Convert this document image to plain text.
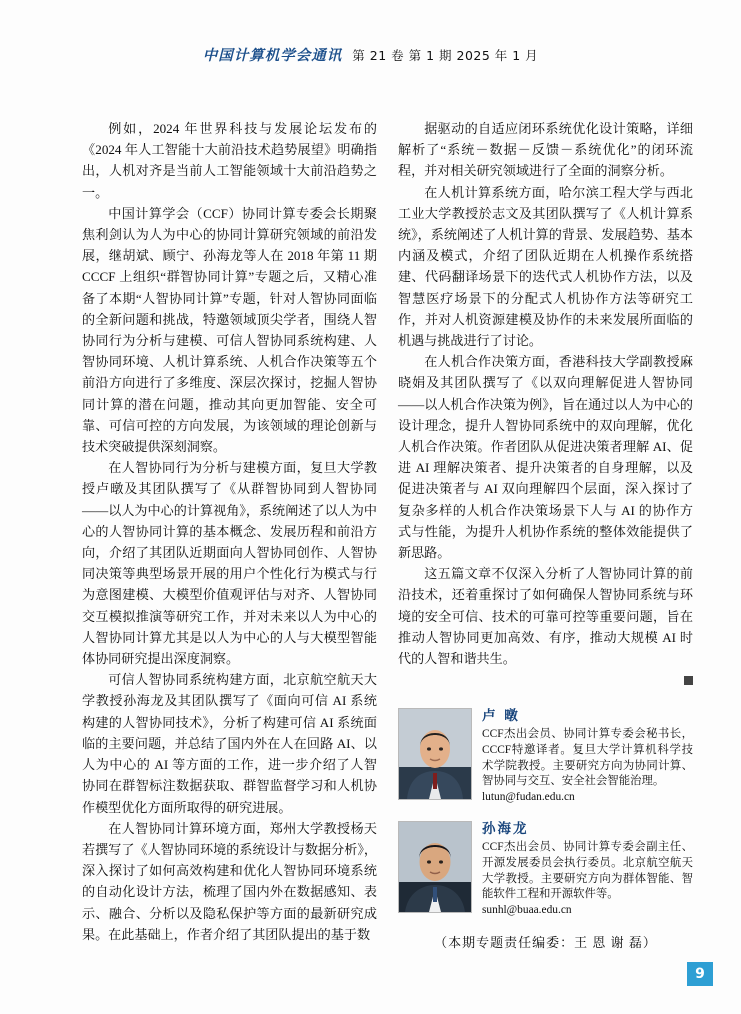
中国计算机学会通讯 第 21 卷 第 1 期 2025 年 1 月

例如，2024 年世界科技与发展论坛发布的《2024 年人工智能十大前沿技术趋势展望》明确指出，人机对齐是当前人工智能领域十大前沿趋势之一。

中国计算学会（CCF）协同计算专委会长期聚焦利剑认为人为中心的协同计算研究领域的前沿发展，继胡斌、顾宁、孙海龙等人在 2018 年第 11 期 CCCF 上组织“群智协同计算”专题之后，又精心准备了本期“人智协同计算”专题，针对人智协同面临的全新问题和挑战，特邀领域顶尖学者，围绕人智协同行为分析与建模、可信人智协同系统构建、人智协同环境、人机计算系统、人机合作决策等五个前沿方向进行了多维度、深层次探讨，挖掘人智协同计算的潜在问题，推动其向更加智能、安全可靠、可信可控的方向发展，为该领域的理论创新与技术突破提供深刻洞察。

在人智协同行为分析与建模方面，复旦大学教授卢暾及其团队撰写了《从群智协同到人智协同——以人为中心的计算视角》，系统阐述了以人为中心的人智协同计算的基本概念、发展历程和前沿方向，介绍了其团队近期面向人智协同创作、人智协同决策等典型场景开展的用户个性化行为模式与行为意图建模、大模型价值观评估与对齐、人智协同交互模拟推演等研究工作，并对未来以人为中心的人智协同计算尤其是以人为中心的人与大模型智能体协同研究提出深度洞察。

可信人智协同系统构建方面，北京航空航天大学教授孙海龙及其团队撰写了《面向可信 AI 系统构建的人智协同技术》，分析了构建可信 AI 系统面临的主要问题，并总结了国内外在人在回路 AI、以人为中心的 AI 等方面的工作，进一步介绍了人智协同在群智标注数据获取、群智监督学习和人机协作模型优化方面所取得的研究进展。

在人智协同计算环境方面，郑州大学教授杨天若撰写了《人智协同环境的系统设计与数据分析》，深入探讨了如何高效构建和优化人智协同环境系统的自动化设计方法，梳理了国内外在数据感知、表示、融合、分析以及隐私保护等方面的最新研究成果。在此基础上，作者介绍了其团队提出的基于数

据驱动的自适应闭环系统优化设计策略，详细解析了“系统－数据－反馈－系统优化”的闭环流程，并对相关研究领域进行了全面的洞察分析。

在人机计算系统方面，哈尔滨工程大学与西北工业大学教授於志文及其团队撰写了《人机计算系统》，系统阐述了人机计算的背景、发展趋势、基本内涵及模式，介绍了团队近期在人机操作系统搭建、代码翻译场景下的迭代式人机协作方法，以及智慧医疗场景下的分配式人机协作方法等研究工作，并对人机资源建模及协作的未来发展所面临的机遇与挑战进行了讨论。

在人机合作决策方面，香港科技大学副教授麻晓娟及其团队撰写了《以双向理解促进人智协同——以人机合作决策为例》，旨在通过以人为中心的设计理念，提升人智协同系统中的双向理解，优化人机合作决策。作者团队从促进决策者理解 AI、促进 AI 理解决策者、提升决策者的自身理解，以及促进决策者与 AI 双向理解四个层面，深入探讨了复杂多样的人机合作决策场景下人与 AI 的协作方式与性能，为提升人机协作系统的整体效能提供了新思路。

这五篇文章不仅深入分析了人智协同计算的前沿技术，还着重探讨了如何确保人智协同系统与环境的安全可信、技术的可靠可控等重要问题，旨在推动人智协同更加高效、有序，推动大规模 AI 时代的人智和谐共生。

卢 暾
CCF杰出会员、协同计算专委会秘书长，CCCF特邀译者。复旦大学计算机科学技术学院教授。主要研究方向为协同计算、智协同与交互、安全社会智能治理。
lutun@fudan.edu.cn
孙海龙
CCF杰出会员、协同计算专委会副主任、开源发展委员会执行委员。北京航空航天大学教授。主要研究方向为群体智能、智能软件工程和开源软件等。
sunhl@buaa.edu.cn
（本期专题责任编委：王 恩 谢 磊）
9
